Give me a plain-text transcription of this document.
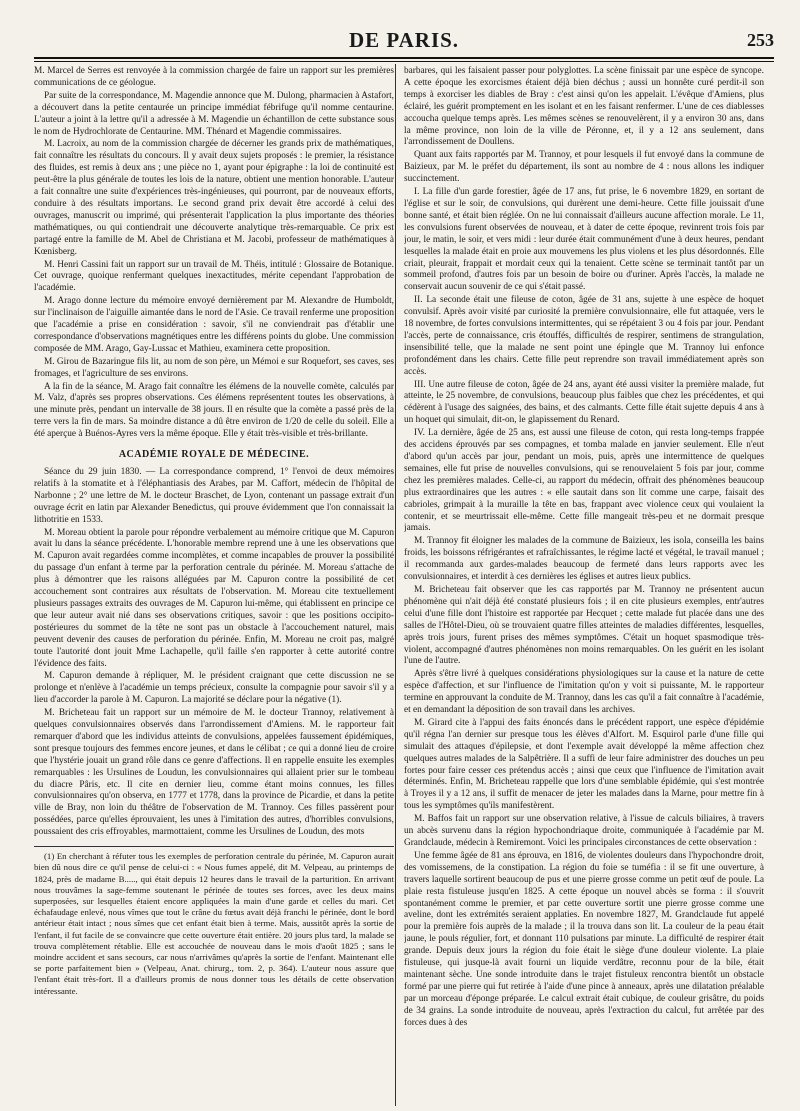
DE PARIS.	253

M. Marcel de Serres est renvoyée à la commission chargée de faire un rapport sur les premières communications de ce géologue.

Par suite de la correspondance, M. Magendie annonce que M. Dulong, pharmacien à Astafort, a découvert dans la petite centaurée un principe immédiat fébrifuge qu'il nomme centaurine. L'auteur a joint à la lettre qu'il a adressée à M. Magendie un échantillon de cette substance sous le nom de Hydrochlorate de Centaurine. MM. Thénard et Magendie commissaires.

M. Lacroix, au nom de la commission chargée de décerner les grands prix de mathématiques, fait connaître les résultats du concours. Il y avait deux sujets proposés : le premier, la résistance des fluides, est remis à deux ans ; une pièce no 1, ayant pour épigraphe : la loi de continuité est peut-être la plus générale de toutes les lois de la nature, obtient une mention honorable. L'auteur a fait connaître une suite d'expériences très-ingénieuses, qui pourront, par de nouveaux efforts, conduire à des résultats importans. Le second grand prix devait être accordé à celui des ouvrages, manuscrit ou imprimé, qui présenterait l'application la plus importante des théories mathématiques, ou qui contiendrait une découverte analytique très-remarquable. Ce prix est partagé entre la famille de M. Abel de Christiana et M. Jacobi, professeur de mathématiques à Kœnisberg.

M. Henri Cassini fait un rapport sur un travail de M. Théis, intitulé : Glossaire de Botanique. Cet ouvrage, quoique renfermant quelques inexactitudes, mérite cependant l'approbation de l'académie.

M. Arago donne lecture du mémoire envoyé dernièrement par M. Alexandre de Humboldt, sur l'inclinaison de l'aiguille aimantée dans le nord de l'Asie. Ce travail renferme une proposition que l'académie a prise en considération : savoir, s'il ne conviendrait pas d'établir une correspondance d'observations magnétiques entre les différens points du globe. Une commission composée de MM. Arago, Gay-Lussac et Mathieu, examinera cette proposition.

M. Girou de Bazaringue fils lit, au nom de son père, un Mémoi e sur Roquefort, ses caves, ses fromages, et l'agriculture de ses environs.

A la fin de la séance, M. Arago fait connaître les élémens de la nouvelle comète, calculés par M. Valz, d'après ses propres observations. Ces élémens représentent toutes les observations, à une minute près, pendant un intervalle de 38 jours. Il en résulte que la comète a passé près de la terre vers la fin de mars. Sa moindre distance a dû être environ de 1/20 de celle du soleil. Elle a été aperçue à Buénos-Ayres vers la même époque. Elle y était très-visible et très-brillante.

ACADÉMIE ROYALE DE MÉDECINE.

Séance du 29 juin 1830. — La correspondance comprend, 1° l'envoi de deux mémoires relatifs à la stomatite et à l'éléphantiasis des Arabes, par M. Caffort, médecin de l'hôpital de Narbonne ; 2° une lettre de M. le docteur Braschet, de Lyon, contenant un passage extrait d'un ouvrage écrit en latin par Alexander Benedictus, qui prouve évidemment que l'on connaissait la lithotritie en 1533.

M. Moreau obtient la parole pour répondre verbalement au mémoire critique que M. Capuron avait lu dans la séance précédente. L'honorable membre reprend une à une les observations que M. Capuron avait regardées comme incomplètes, et comme incapables de prouver la possibilité du passage d'un enfant à terme par la perforation centrale du périnée. M. Moreau s'attache de plus à démontrer que les raisons alléguées par M. Capuron contre la possibilité de cet accouchement sont contraires aux résultats de l'observation. M. Moreau cite textuellement plusieurs passages extraits des ouvrages de M. Capuron lui-même, qui établissent en principe ce que leur auteur avait nié dans ses observations critiques, savoir : que les positions occipito-postérieures du sommet de la tête ne sont pas un obstacle à l'accouchement naturel, mais peuvent devenir des causes de perforation du périnée. Enfin, M. Moreau ne croit pas, malgré toute l'autorité dont jouit Mme Lachapelle, qu'il faille s'en rapporter à cette autorité contre l'évidence des faits.

M. Capuron demande à répliquer, M. le président craignant que cette discussion ne se prolonge et n'enlève à l'académie un temps précieux, consulte la compagnie pour savoir s'il y a lieu d'accorder la parole à M. Capuron. La majorité se déclare pour la négative (1).

M. Bricheteau fait un rapport sur un mémoire de M. le docteur Trannoy, relativement à quelques convulsionnaires observés dans l'arrondissement d'Amiens. M. le rapporteur fait remarquer d'abord que les individus atteints de convulsions, appelées faussement épidémiques, sont presque toujours des femmes encore jeunes, et dans le célibat ; ce qui a donné lieu de croire que l'hystérie jouait un grand rôle dans ce genre d'affections. Il en rappelle ensuite les exemples remarquables : les Ursulines de Loudun, les convulsionnaires qui allaient prier sur le tombeau du diacre Pâris, etc. Il cite en dernier lieu, comme étant moins connues, les filles convulsionnaires qu'on observa, en 1777 et 1778, dans la province de Picardie, et dans la petite ville de Bray, non loin du théâtre de l'observation de M. Trannoy. Ces filles passèrent pour possédées, parce qu'elles éprouvaient, les unes à l'imitation des autres, d'horribles convulsions, poussaient des cris effroyables, marmottaient, comme les Ursulines de Loudun, des mots

(1) En cherchant à réfuter tous les exemples de perforation centrale du périnée, M. Capuron aurait bien dû nous dire ce qu'il pense de celui-ci : « Nous fumes appelé, dit M. Velpeau, au printemps de 1824, près de madame B....., qui était depuis 12 heures dans le travail de la parturition. En arrivant nous trouvâmes la sage-femme soutenant le périnée de toutes ses forces, avec les deux mains superposées, sur lesquelles étaient encore appliquées la main d'une garde et celles du mari. Cet échafaudage enlevé, nous vîmes que tout le crâne du fœtus avait déjà franchi le périnée, dont le bord antérieur était intact ; nous sîmes que cet enfant était bien à terme. Mais, aussitôt après la sortie de l'enfant, il fut facile de se convaincre que cette ouverture était entière. 20 jours plus tard, la malade se trouva complètement rétablie. Elle est accouchée de nouveau dans le mois d'août 1825 ; sans le moindre accident et sans secours, car nous n'arrivâmes qu'après la sortie de l'enfant. Maintenant elle se porte parfaitement bien » (Velpeau, Anat. chirurg., tom. 2, p. 364). L'auteur nous assure que l'enfant était très-fort. Il a d'ailleurs promis de nous donner tous les détails de cette observation intéressante.

barbares, qui les faisaient passer pour polyglottes. La scène finissait par une espèce de syncope. A cette époque les exorcismes étaient déjà bien déchus ; aussi un honnête curé perdit-il son temps à exorciser les diables de Bray : c'est ainsi qu'on les appelait. L'évêque d'Amiens, plus éclairé, les guérit promptement en les isolant et en les faisant renfermer. L'une de ces diablesses accoucha quelque temps après. Les mêmes scènes se renouvelèrent, il y a environ 30 ans, dans la même province, non loin de la ville de Péronne, et, il y a 12 ans seulement, dans l'arrondissement de Doullens.

Quant aux faits rapportés par M. Trannoy, et pour lesquels il fut envoyé dans la commune de Baizieux, par M. le préfet du département, ils sont au nombre de 4 : nous allons les indiquer succinctement.

I. La fille d'un garde forestier, âgée de 17 ans, fut prise, le 6 novembre 1829, en sortant de l'église et sur le soir, de convulsions, qui durèrent une demi-heure. Cette fille jouissait d'une bonne santé, et était bien réglée. On ne lui connaissait d'ailleurs aucune affection morale. Le 11, les convulsions furent observées de nouveau, et à dater de cette époque, revinrent trois fois par jour, le matin, le soir, et vers midi : leur durée était communément d'une à deux heures, pendant lesquelles la malade était en proie aux mouvemens les plus violens et les plus désordonnés. Elle criait, pleurait, frappait et mordait ceux qui la tenaient. Cette scène se terminait tantôt par un sommeil profond, d'autres fois par un besoin de boire ou d'uriner. Après l'accès, la malade ne conservait aucun souvenir de ce qui s'était passé.

II. La seconde était une fileuse de coton, âgée de 31 ans, sujette à une espèce de hoquet convulsif. Après avoir visité par curiosité la première convulsionnaire, elle fut attaquée, vers le 18 novembre, de fortes convulsions intermittentes, qui se répétaient 3 ou 4 fois par jour. Pendant l'accès, perte de connaissance, cris étouffés, difficultés de respirer, sentimens de strangulation, insensibilité telle, que la malade ne sent point une épingle que M. Trannoy lui enfonce profondément dans les chairs. Cette fille peut reprendre son travail immédiatement après son accès.

III. Une autre fileuse de coton, âgée de 24 ans, ayant été aussi visiter la première malade, fut atteinte, le 25 novembre, de convulsions, beaucoup plus faibles que chez les précédentes, et qui cédèrent à l'usage des saignées, des bains, et des calmants. Cette fille était sujette depuis 4 ans à un hoquet qui simulait, dit-on, le glapissement du Renard.

IV. La dernière, âgée de 25 ans, est aussi une fileuse de coton, qui resta long-temps frappée des accidens éprouvés par ses compagnes, et tomba malade en janvier seulement. Elle n'eut d'abord qu'un accès par jour, pendant un mois, puis, après une intermittence de quelques semaines, elle fut prise de nouvelles convulsions, qui se renouvelaient 5 fois par jour, comme chez les premières malades. Celle-ci, au rapport du médecin, offrait des phénomènes beaucoup plus extraordinaires que les autres : « elle sautait dans son lit comme une carpe, faisait des cabrioles, grimpait à la muraille la tête en bas, frappant avec violence ceux qui voulaient la contenir, et se meurtrissait elle-même. Cette fille mangeait très-peu et ne dormait presque jamais.

M. Trannoy fit éloigner les malades de la commune de Baizieux, les isola, conseilla les bains froids, les boissons réfrigérantes et rafraîchissantes, le régime lacté et végétal, le travail manuel ; il recommanda aux gardes-malades beaucoup de fermeté dans leurs rapports avec les convulsionnaires, et interdit à ces dernières les églises et autres lieux publics.

M. Bricheteau fait observer que les cas rapportés par M. Trannoy ne présentent aucun phénomène qui n'ait déjà été constaté plusieurs fois ; il en cite plusieurs exemples, entr'autres celui d'une fille dont l'histoire est rapportée par Hecquet ; cette malade fut placée dans une des salles de l'Hôtel-Dieu, où se trouvaient quatre filles atteintes de maladies différentes, lesquelles, après trois jours, furent prises des mêmes symptômes. C'était un hoquet spasmodique très-violent, accompagné d'autres phénomènes non moins remarquables. On les guérit en les isolant l'une de l'autre.

Après s'être livré à quelques considérations physiologiques sur la cause et la nature de cette espèce d'affection, et sur l'influence de l'imitation qu'on y voit si puissante, M. le rapporteur termine en approuvant la conduite de M. Trannoy, dans les cas qu'il a fait connaître à l'académie, et en demandant la déposition de son travail dans les archives.

M. Girard cite à l'appui des faits énoncés dans le précédent rapport, une espèce d'épidémie qu'il régna l'an dernier sur presque tous les élèves d'Alfort. M. Esquirol parle d'une fille qui simulait des attaques d'épilepsie, et dont l'exemple avait développé la même affection chez quelques autres malades de la Salpêtrière. Il a suffi de leur faire administrer des douches un peu fortes pour faire cesser ces prétendus accès ; ainsi que ceux que l'influence de l'imitation avait déterminés. Enfin, M. Bricheteau rappelle que lors d'une semblable épidémie, qui s'est montrée à Troyes il y a 12 ans, il suffit de menacer de jeter les malades dans la Marne, pour mettre fin à tous les symptômes qu'ils manifestèrent.

M. Baffos fait un rapport sur une observation relative, à l'issue de calculs biliaires, à travers un abcès survenu dans la région hypochondriaque droite, communiquée à l'académie par M. Grandclaude, médecin à Remiremont. Voici les principales circonstances de cette observation :

Une femme âgée de 81 ans éprouva, en 1816, de violentes douleurs dans l'hypochondre droit, des vomissemens, de la constipation. La région du foie se tuméfia : il se fit une ouverture, à travers laquelle sortirent beaucoup de pus et une pierre grosse comme un petit œuf de poule. La plaie resta fistuleuse jusqu'en 1825. A cette époque un nouvel abcès se forma : il s'ouvrit spontanément comme le premier, et par cette ouverture sortit une pierre grosse comme une aveline, dont les extrémités seraient applaties. En novembre 1827, M. Grandclaude fut appelé pour la première fois auprès de la malade ; il la trouva dans son lit. La couleur de la peau était jaune, le pouls régulier, fort, et donnant 110 pulsations par minute. La difficulté de respirer était grande. Depuis deux jours la région du foie était le siège d'une douleur violente. La plaie fistuleuse, qui jusque-là avait fourni un liquide verdâtre, reconnu pour de la bile, était maintenant sèche. Une sonde introduite dans le trajet fistuleux rencontra bientôt un obstacle formé par une pierre qui fut retirée à l'aide d'une pince à anneaux, après une dilatation préalable par un morceau d'éponge préparée. Le calcul extrait était cubique, de couleur grisâtre, du poids de 34 grains. La sonde introduite de nouveau, après l'extraction du calcul, fut arrêtée par des forces dues à des
